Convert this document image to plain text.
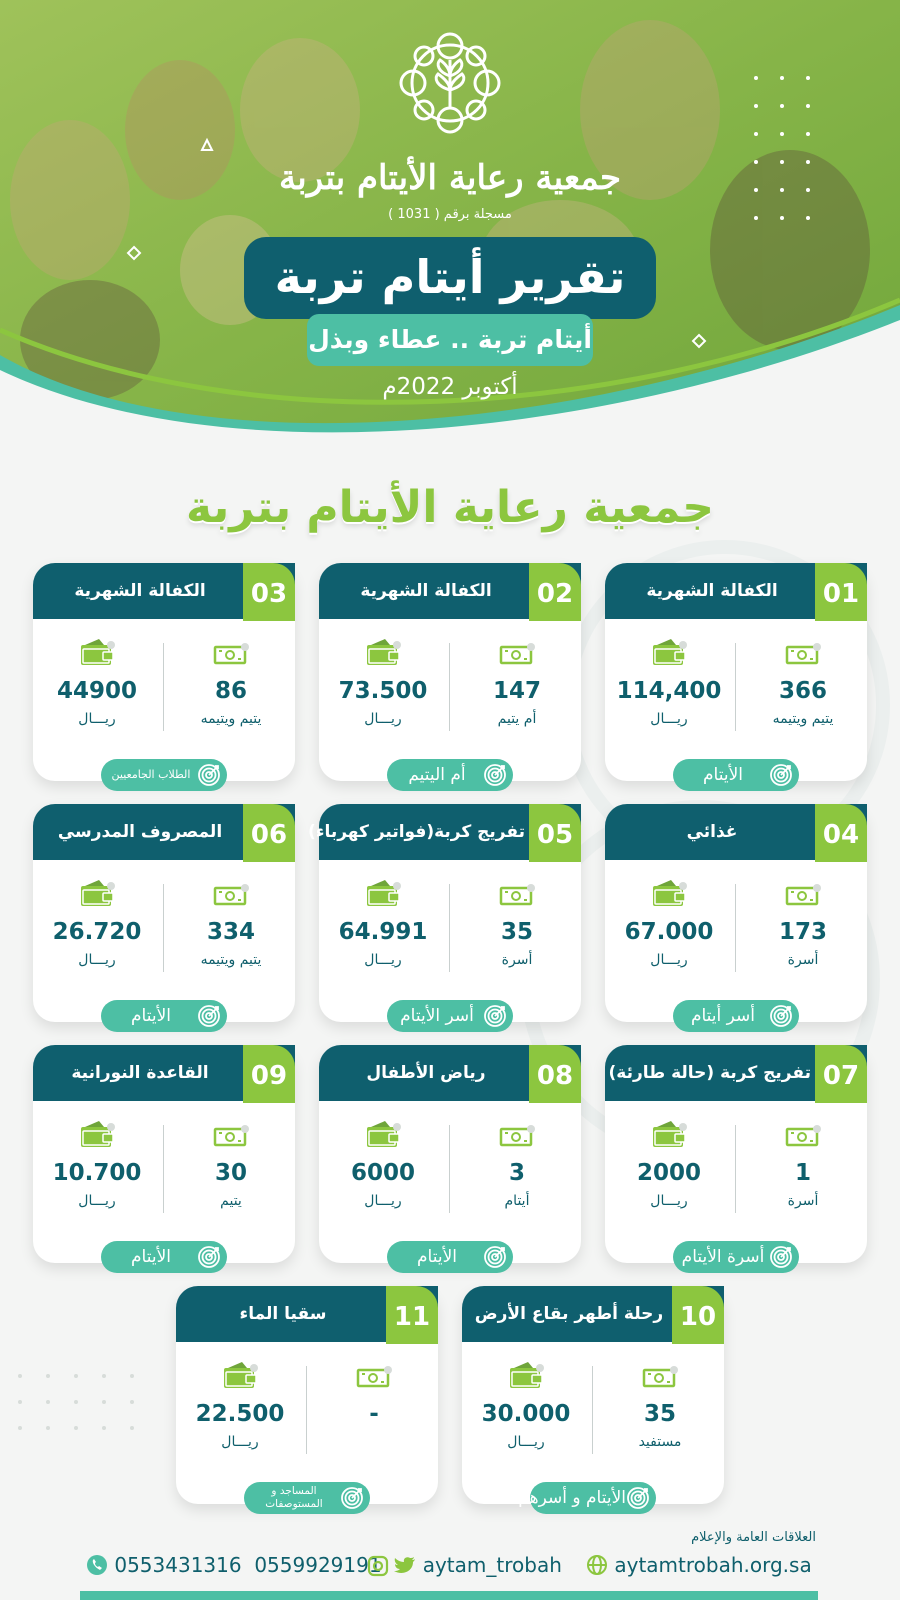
جمعية رعاية الأيتام بتربة
مسجلة برقم ( 1031 )
تقرير أيتام تربة
أيتام تربة .. عطاء وبذل
أكتوبر 2022م
جمعية رعاية الأيتام بتربة
الكفالة الشهرية	01
366
يتيم ويتيمه
114,400
ريـــال
الأيتام
الكفالة الشهرية	02
147
أم يتيم
73.500
ريـــال
أم اليتيم
الكفالة الشهرية	03
86
يتيم ويتيمه
44900
ريـــال
الطلاب الجامعيين
غذائي	04
173
أسرة
67.000
ريـــال
أسر أيتام
تفريج كربة(فواتير كهرباء) 05
35
أسرة
64.991
ريـــال
أسر الأيتام
المصروف المدرسي	06
334
يتيم ويتيمه
26.720
ريـــال
الأيتام
تفريج كربة (حالة طارئة) 07
1
أسرة
2000
ريـــال
أسرة الأيتام
رياض الأطفال	08
3
أيتام
6000
ريـــال
الأيتام
القاعدة النورانية	09
30
يتيم
10.700
ريـــال
الأيتام
رحلة أطهر بقاع الأرض 10
35
مستفيد
30.000
ريـــال
الأيتام و أسرهم
سقيا الماء	11
-
22.500
ريـــال
المساجد و المستوصفات
العلاقات العامة والإعلام
0553431316  0559929191	aytam_trobah	aytamtrobah.org.sa
